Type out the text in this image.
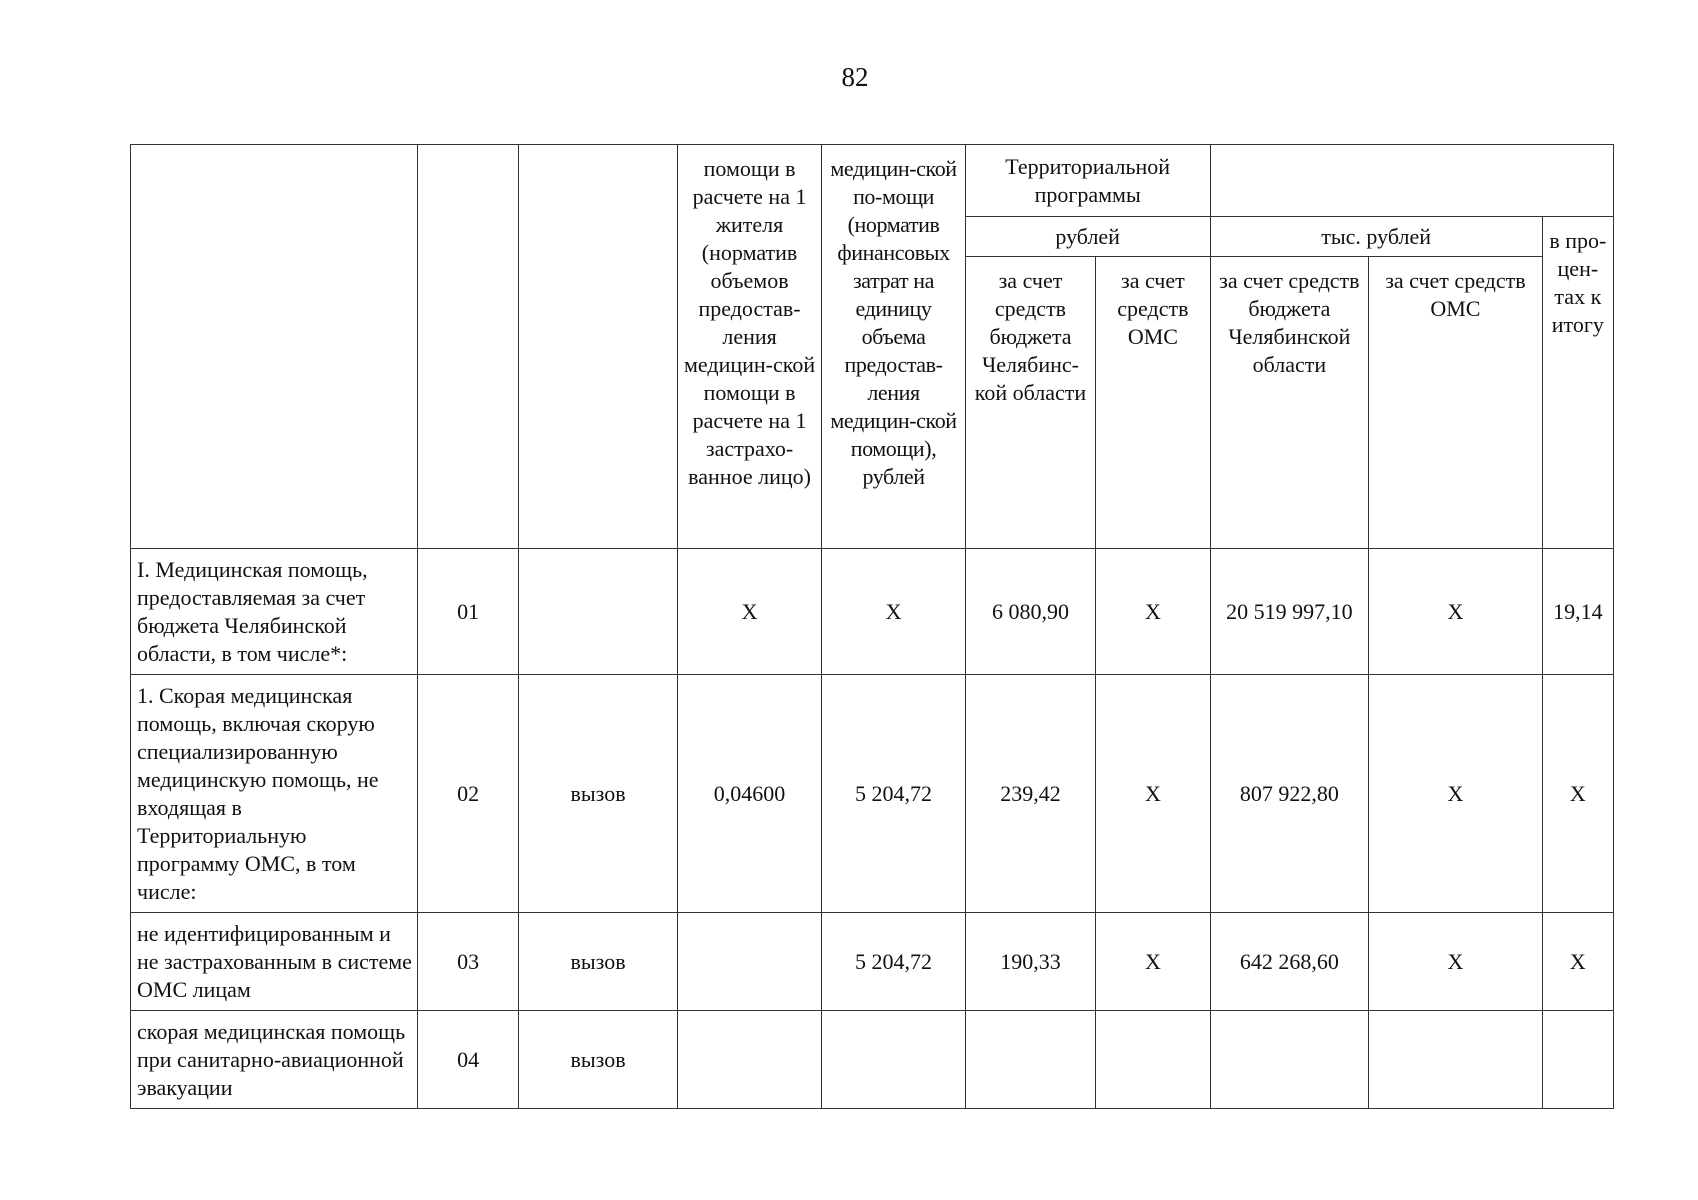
82
			помощи в расчете на 1 жителя (норматив объемов предостав-ления медицин-ской помощи в расчете на 1 застрахо-ванное лицо)	медицин-ской по-мощи (норматив финансовых затрат на единицу объема предостав-ления медицин-ской помощи), рублей	Территориальной программы				
					рублей		тыс. рублей		в про-цен-тах к итогу
					за счет средств бюджета Челябинс-кой области	за счет средств ОМС	за счет средств бюджета Челябинской области	за счет средств ОМС	
I. Медицинская помощь, предоставляемая за счет бюджета Челябинской области, в том числе*:	01		Х	Х	6 080,90	Х	20 519 997,10	Х	19,14
1. Скорая медицинская помощь, включая скорую специализированную медицинскую помощь, не входящая в Территориальную программу ОМС, в том числе:	02	вызов	0,04600	5 204,72	239,42	Х	807 922,80	Х	Х
не идентифицированным и не застрахованным в системе ОМС лицам	03	вызов		5 204,72	190,33	Х	642 268,60	Х	Х
скорая медицинская помощь при санитарно-авиационной эвакуации	04	вызов							
